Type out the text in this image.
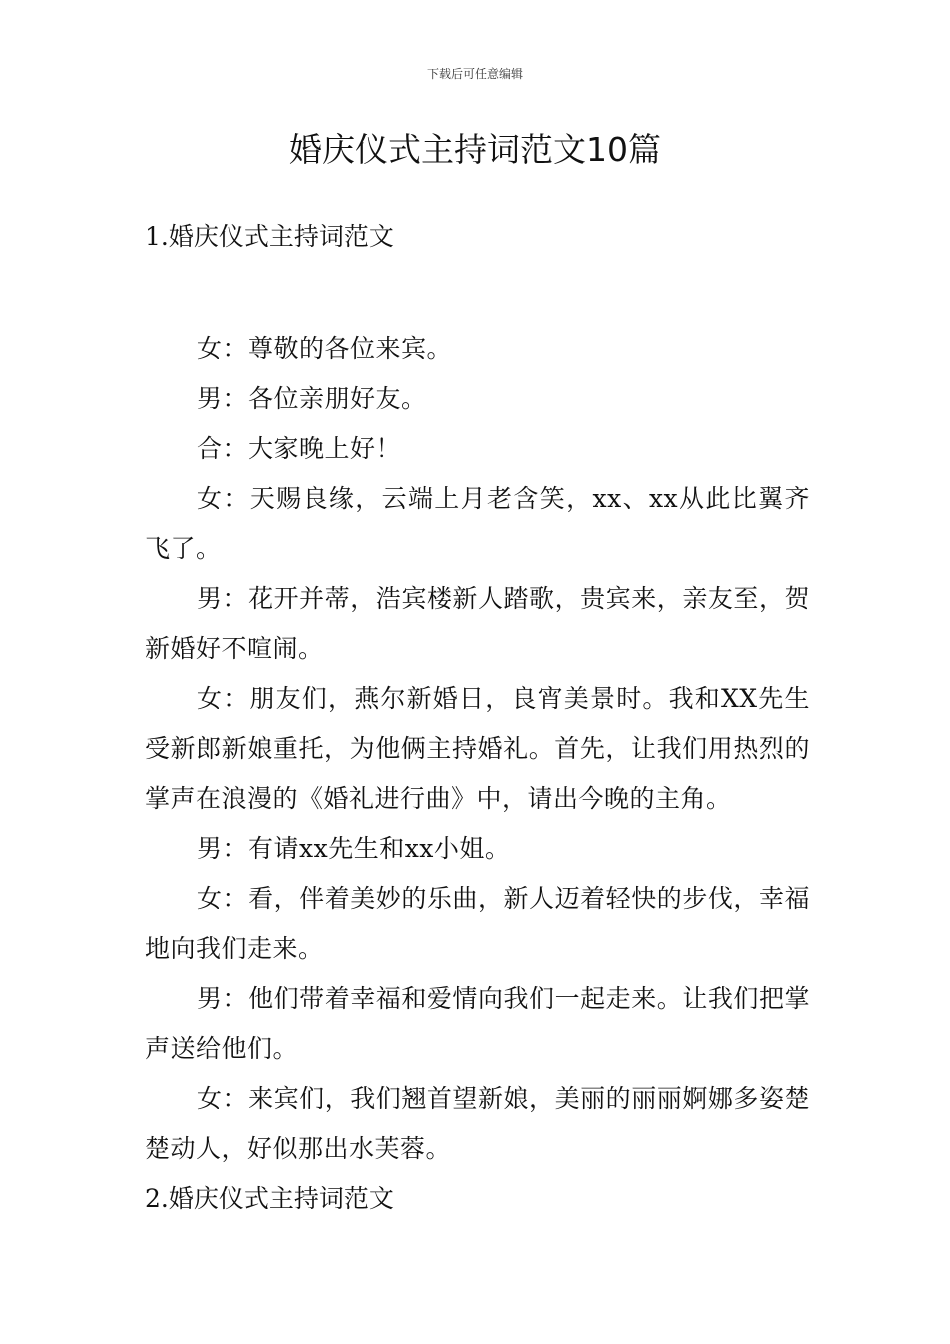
下载后可任意编辑
婚庆仪式主持词范文10篇
1.婚庆仪式主持词范文

女：尊敬的各位来宾。

男：各位亲朋好友。

合：大家晚上好！

女：天赐良缘，云端上月老含笑，xx、xx从此比翼齐飞了。

男：花开并蒂，浩宾楼新人踏歌，贵宾来，亲友至，贺新婚好不喧闹。

女：朋友们，燕尔新婚日，良宵美景时。我和XX先生受新郎新娘重托，为他俩主持婚礼。首先，让我们用热烈的掌声在浪漫的《婚礼进行曲》中，请出今晚的主角。

男：有请xx先生和xx小姐。

女：看，伴着美妙的乐曲，新人迈着轻快的步伐，幸福地向我们走来。

男：他们带着幸福和爱情向我们一起走来。让我们把掌声送给他们。

女：来宾们，我们翘首望新娘，美丽的丽丽婀娜多姿楚楚动人，好似那出水芙蓉。

2.婚庆仪式主持词范文
